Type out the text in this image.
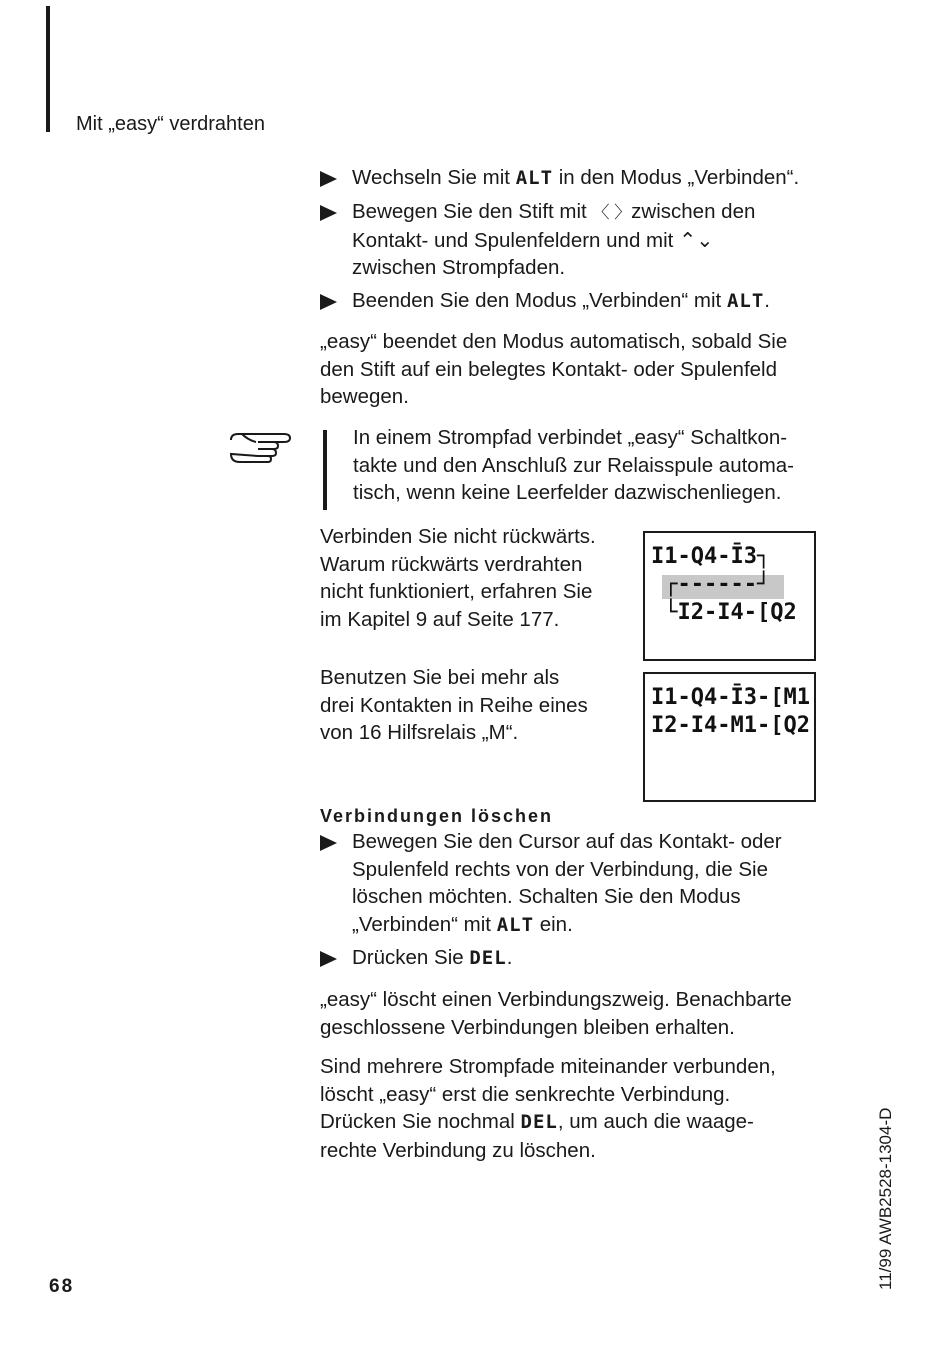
Mit „easy“ verdrahten
Wechseln Sie mit ALT in den Modus „Verbinden“.
Bewegen Sie den Stift mit 〈 〉zwischen den
Kontakt- und Spulenfeldern und mit ⌃⌄
zwischen Strompfaden.
Beenden Sie den Modus „Verbinden“ mit ALT.
„easy“ beendet den Modus automatisch, sobald Sie
den Stift auf ein belegtes Kontakt- oder Spulenfeld
bewegen.
In einem Strompfad verbindet „easy“ Schaltkon-
takte und den Anschluß zur Relaisspule automa-
tisch, wenn keine Leerfelder dazwischenliegen.
Verbinden Sie nicht rückwärts.
Warum rückwärts verdrahten
nicht funktioniert, erfahren Sie
im Kapitel 9 auf Seite 177.
I1-Q4-Ī3┐
┌------┘
└I2-I4-[Q2
Benutzen Sie bei mehr als
drei Kontakten in Reihe eines
von 16 Hilfsrelais „M“.
I1-Q4-Ī3-[M1
I2-I4-M1-[Q2
Verbindungen löschen
Bewegen Sie den Cursor auf das Kontakt- oder
Spulenfeld rechts von der Verbindung, die Sie
löschen möchten. Schalten Sie den Modus
„Verbinden“ mit ALT ein.
Drücken Sie DEL.
„easy“ löscht einen Verbindungszweig. Benachbarte
geschlossene Verbindungen bleiben erhalten.
Sind mehrere Strompfade miteinander verbunden,
löscht „easy“ erst die senkrechte Verbindung.
Drücken Sie nochmal DEL, um auch die waage-
rechte Verbindung zu löschen.
68	11/99 AWB2528-1304-D
